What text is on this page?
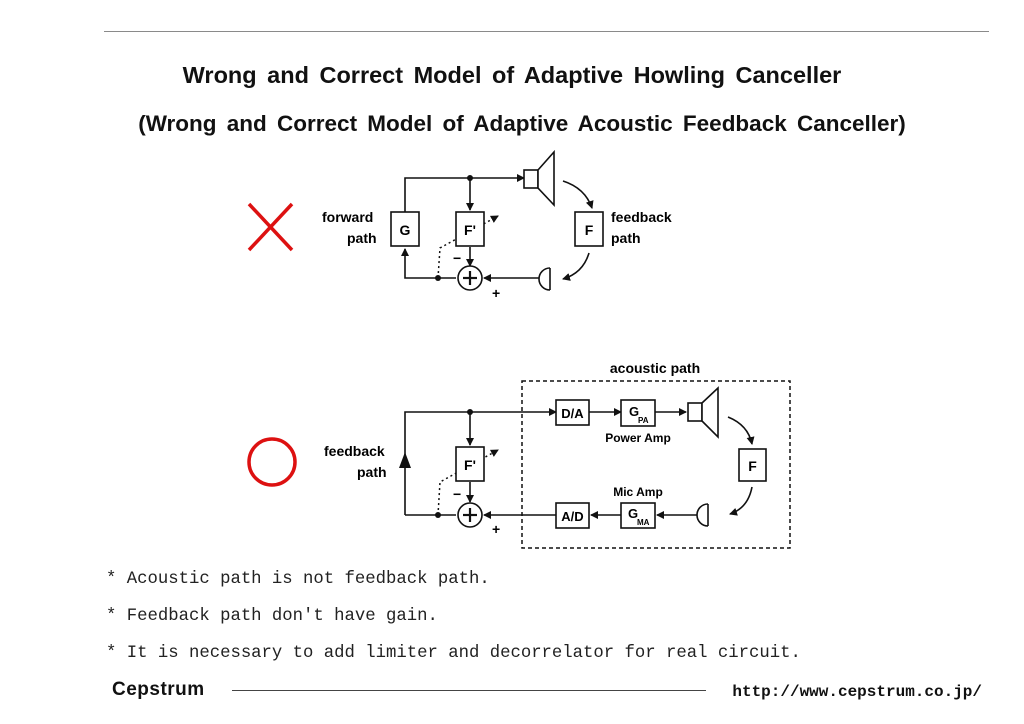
Wrong and Correct Model of Adaptive Howling Canceller
(Wrong and Correct Model of Adaptive Acoustic Feedback Canceller)
forward
path
feedback
path
G	F'	F
−
+
feedback
path
acoustic path
D/A	G
PA
Power Amp
F
Mic Amp
G
MA
A/D
F'
−
+
* Acoustic path is not feedback path.
* Feedback path don't have gain.
* It is necessary to add limiter and decorrelator for real circuit.
Cepstrum	http://www.cepstrum.co.jp/
